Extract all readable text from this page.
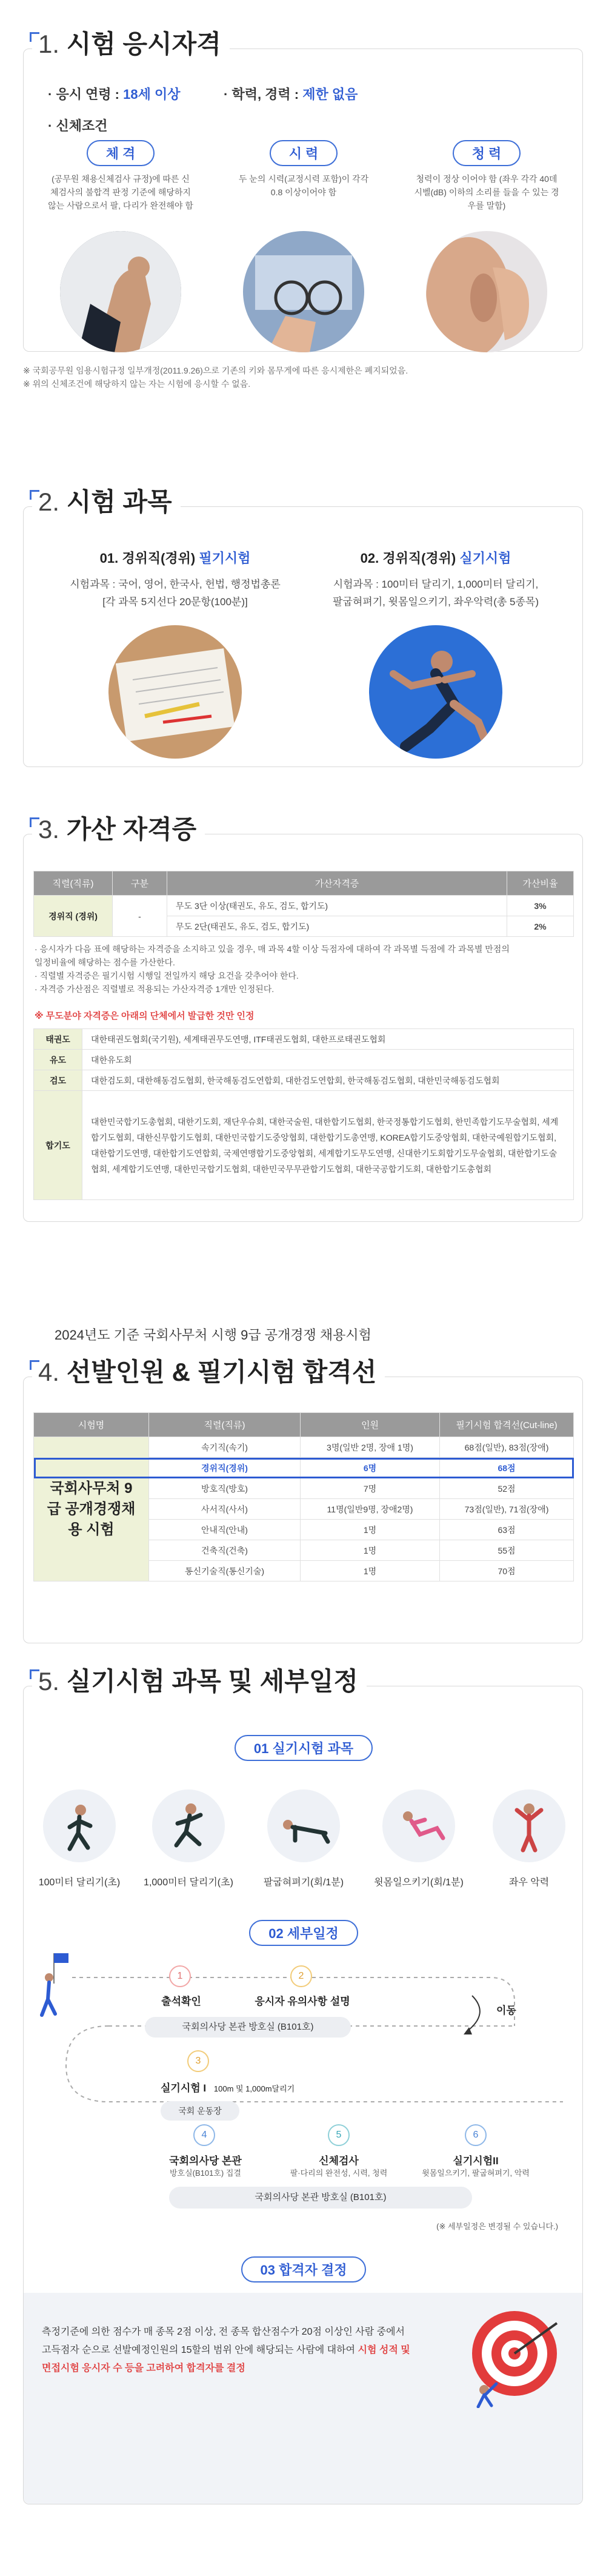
1. 시험 응시자격
· 응시 연령 : 18세 이상	· 학력, 경력 : 제한 없음
· 신체조건
체 격
(공무원 채용신체검사 규정)에 따른 신체검사의 불합격 판정 기준에 해당하지 않는 사람으로서 팔, 다리가 완전해야 함
시 력
두 눈의 시력(교정시력 포함)이 각각 0.8 이상이어야 함
청 력
청력이 정상 이어야 함 (좌우 각각 40데시벨(dB) 이하의 소리를 들을 수 있는 경우를 말함)
※ 국회공무원 임용시험규정 일부개정(2011.9.26)으로 기존의 키와 몸무게에 따른 응시제한은 폐지되었음.
※ 위의 신체조건에 해당하지 않는 자는 시험에 응시할 수 없음.
2. 시험 과목
01. 경위직(경위) 필기시험
시험과목 : 국어, 영어, 한국사, 헌법, 행정법총론
[각 과목 5지선다 20문항(100분)]
02. 경위직(경위) 실기시험
시험과목 : 100미터 달리기, 1,000미터 달리기,
팔굽혀펴기, 윗몸일으키기, 좌우악력(총 5종목)
3. 가산 자격증
직렬(직류)	구분	가산자격증	가산비율
경위직 (경위)	-	무도 3단 이상(태권도, 유도, 검도, 합기도)	3%
		무도 2단(태권도, 유도, 검도, 합기도)	2%
· 응시자가 다음 표에 해당하는 자격증을 소지하고 있을 경우, 매 과목 4할 이상 득점자에 대하여 각 과목별 득점에 각 과목별 만점의
일정비율에 해당하는 점수를 가산한다.
· 직렬별 자격증은 필기시험 시행일 전일까지 해당 요건을 갖추어야 한다.
· 자격증 가산점은 직렬별로 적용되는 가산자격증 1개만 인정된다.
※ 무도분야 자격증은 아래의 단체에서 발급한 것만 인정
태권도	대한태권도협회(국기원), 세계태권무도연맹, ITF태권도협회, 대한프로태권도협회
유도	대한유도회
검도	대한검도회, 대한해동검도협회, 한국해동검도연합회, 대한검도연합회, 한국해동검도협회, 대한민국해동검도협회
합기도	대한민국합기도총협회, 대한기도회, 재단우슈회, 대한국술원, 대한합기도협회, 한국정통합기도협회, 한민족합기도무술협회, 세계합기도협회, 대한신무합기도협회, 대한민국합기도중앙협회, 대한합기도총연맹, KOREA합기도중앙협회, 대한국예원합기도협회, 대한합기도연맹, 대한합기도연합회, 국제연맹합기도중앙협회, 세계합기도무도연맹, 신대한기도회합기도무술협회, 대한합기도술협회, 세계합기도연맹, 대한민국합기도협회, 대한민국무무관합기도협회, 대한국공합기도회, 대한합기도총협회
2024년도 기준 국회사무처 시행 9급 공개경쟁 채용시험
4. 선발인원 & 필기시험 합격선
시험명	직렬(직류)	인원	필기시험 합격선(Cut-line)
국회사무처 9급 공개경쟁채용 시험	속기직(속기)	3명(일반 2명, 장애 1명)	68점(일반), 83점(장애)
	경위직(경위)	6명	68점
	방호직(방호)	7명	52점
	사서직(사서)	11명(일반9명, 장애2명)	73점(일반), 71점(장애)
	안내직(안내)	1명	63점
	건축직(건축)	1명	55점
	통신기술직(통신기술)	1명	70점
5. 실기시험 과목 및 세부일정
01 실기시험 과목
100미터 달리기(초)	1,000미터 달리기(초)	팔굽혀펴기(회/1분)	윗몸일으키기(회/1분)	좌우 악력
02 세부일정
1
출석확인
2
응시자 유의사항 설명
국회의사당 본관 방호실 (B101호)
이동
3
실기시험 I 100m 및 1,000m달리기
국회 운동장
4
국회의사당 본관
방호실(B101호) 집결
5
신체검사
팔·다리의 완전성, 시력, 청력
6
실기시험II
윗몸일으키기, 팔굽혀펴기, 악력
국회의사당 본관 방호실 (B101호)
(※ 세부일정은 변경될 수 있습니다.)
03 합격자 결정
측정기준에 의한 점수가 매 종목 2점 이상, 전 종목 합산점수가 20점 이상인 사람 중에서
고득점자 순으로 선발예정인원의 15할의 범위 안에 해당되는 사람에 대하여 시험 성적 및
면접시험 응시자 수 등을 고려하여 합격자를 결정
